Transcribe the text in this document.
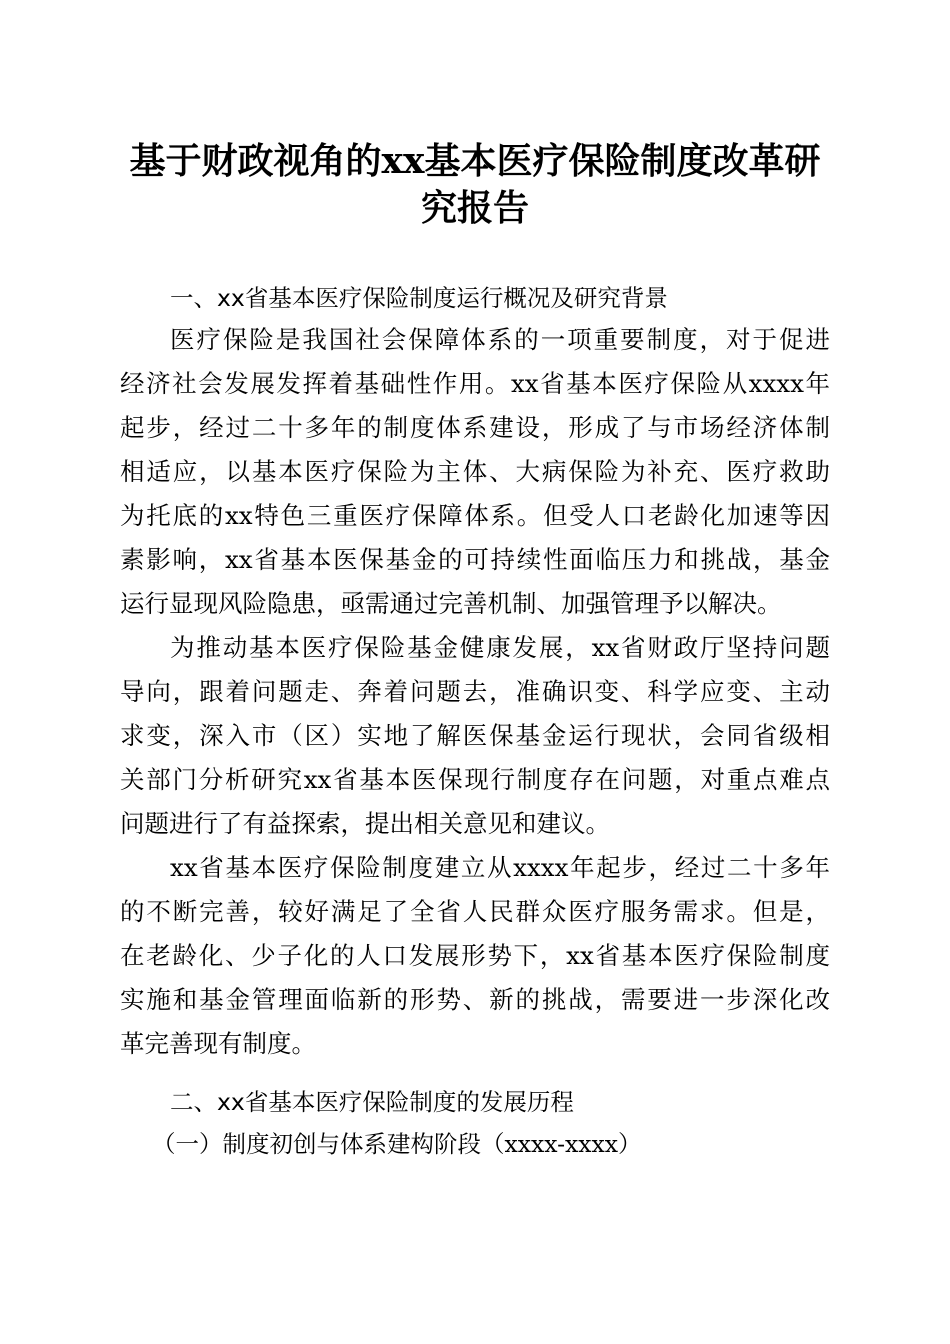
基于财政视角的xx基本医疗保险制度改革研
究报告
一、xx省基本医疗保险制度运行概况及研究背景
医疗保险是我国社会保障体系的一项重要制度，对于促进
经济社会发展发挥着基础性作用。xx省基本医疗保险从xxxx年
起步，经过二十多年的制度体系建设，形成了与市场经济体制
相适应，以基本医疗保险为主体、大病保险为补充、医疗救助
为托底的xx特色三重医疗保障体系。但受人口老龄化加速等因
素影响，xx省基本医保基金的可持续性面临压力和挑战，基金
运行显现风险隐患，亟需通过完善机制、加强管理予以解决。
为推动基本医疗保险基金健康发展，xx省财政厅坚持问题
导向，跟着问题走、奔着问题去，准确识变、科学应变、主动
求变，深入市（区）实地了解医保基金运行现状，会同省级相
关部门分析研究xx省基本医保现行制度存在问题，对重点难点
问题进行了有益探索，提出相关意见和建议。
xx省基本医疗保险制度建立从xxxx年起步，经过二十多年
的不断完善，较好满足了全省人民群众医疗服务需求。但是，
在老龄化、少子化的人口发展形势下，xx省基本医疗保险制度
实施和基金管理面临新的形势、新的挑战，需要进一步深化改
革完善现有制度。
二、xx省基本医疗保险制度的发展历程
（一）制度初创与体系建构阶段（xxxx-xxxx）
